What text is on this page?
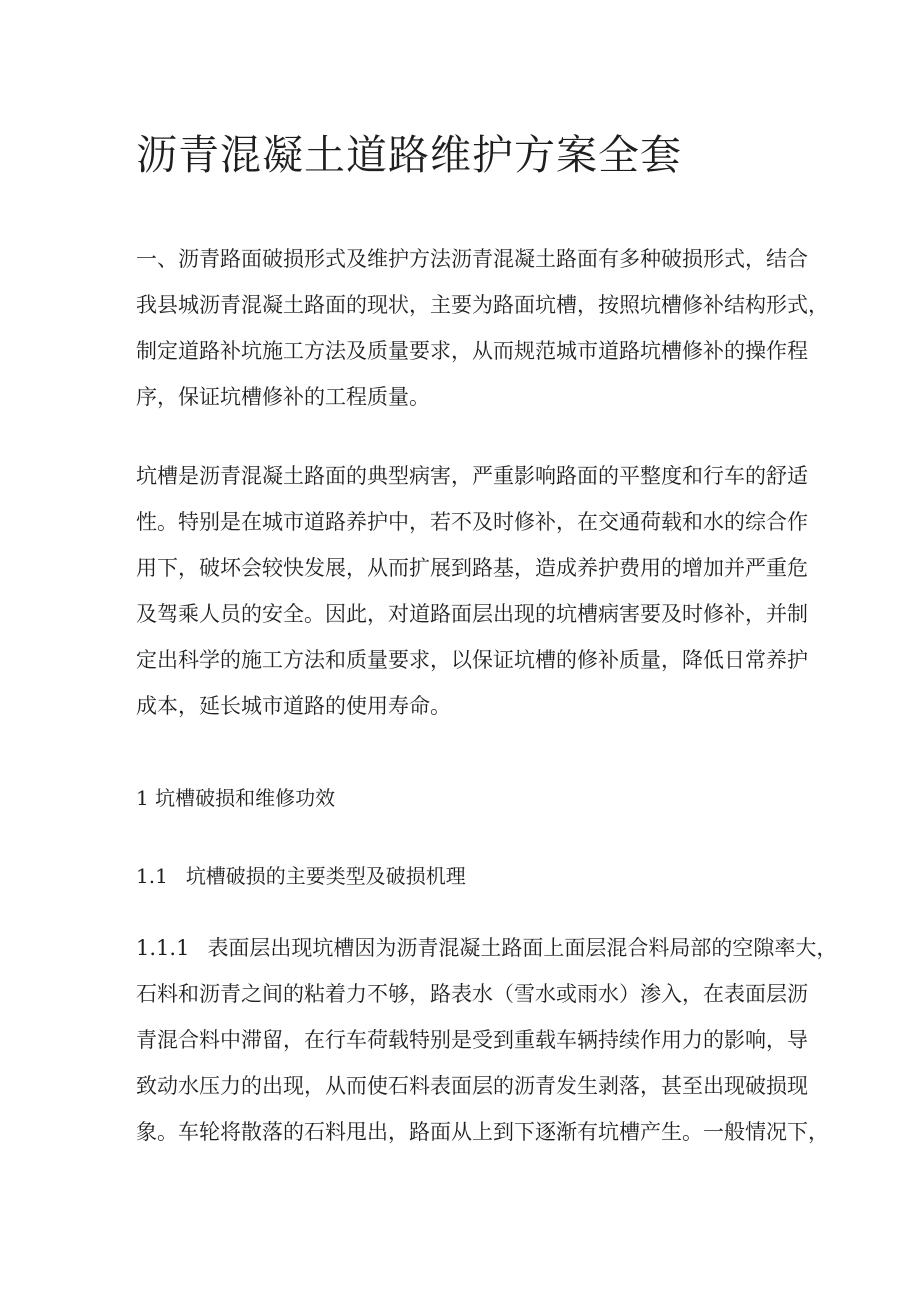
沥青混凝土道路维护方案全套
一、沥青路面破损形式及维护方法沥青混凝土路面有多种破损形式，结合
我县城沥青混凝土路面的现状，主要为路面坑槽，按照坑槽修补结构形式，
制定道路补坑施工方法及质量要求，从而规范城市道路坑槽修补的操作程
序，保证坑槽修补的工程质量。
坑槽是沥青混凝土路面的典型病害，严重影响路面的平整度和行车的舒适
性。特别是在城市道路养护中，若不及时修补，在交通荷载和水的综合作
用下，破坏会较快发展，从而扩展到路基，造成养护费用的增加并严重危
及驾乘人员的安全。因此，对道路面层出现的坑槽病害要及时修补，并制
定出科学的施工方法和质量要求，以保证坑槽的修补质量，降低日常养护
成本，延长城市道路的使用寿命。
1 坑槽破损和维修功效
1.1 坑槽破损的主要类型及破损机理
1.1.1 表面层出现坑槽因为沥青混凝土路面上面层混合料局部的空隙率大，
石料和沥青之间的粘着力不够，路表水（雪水或雨水）渗入，在表面层沥
青混合料中滞留，在行车荷载特别是受到重载车辆持续作用力的影响，导
致动水压力的出现，从而使石料表面层的沥青发生剥落，甚至出现破损现
象。车轮将散落的石料甩出，路面从上到下逐渐有坑槽产生。一般情况下，
